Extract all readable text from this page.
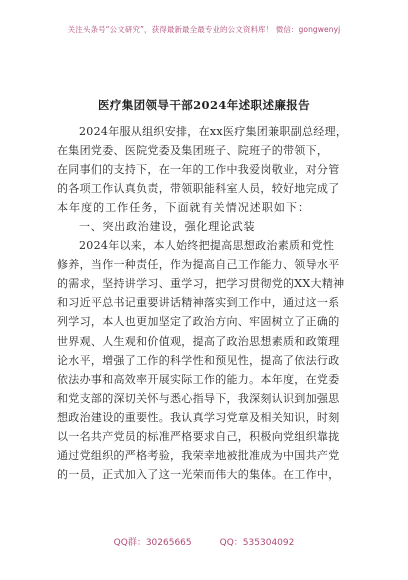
关注头条号“公文研究”，获得最新最全最专业的公文资料库！ 微信：gongwenyj
医疗集团领导干部2024年述职述廉报告
2024年服从组织安排，在xx医疗集团兼职副总经理，
在集团党委、医院党委及集团班子、院班子的带领下，
在同事们的支持下，在一年的工作中我爱岗敬业，对分管
的各项工作认真负责，带领职能科室人员，较好地完成了
本年度的工作任务，下面就有关情况述职如下：
一、突出政治建设，强化理论武装
2024年以来，本人始终把提高思想政治素质和党性
修养，当作一种责任，作为提高自己工作能力、领导水平
的需求，坚持讲学习、重学习，把学习贯彻党的XX大精神
和习近平总书记重要讲话精神落实到工作中，通过这一系
列学习，本人也更加坚定了政治方向、牢固树立了正确的
世界观、人生观和价值观，提高了政治思想素质和政策理
论水平，增强了工作的科学性和预见性，提高了依法行政
依法办事和高效率开展实际工作的能力。本年度，在党委
和党支部的深切关怀与悉心指导下，我深刻认识到加强思
想政治建设的重要性。我认真学习党章及相关知识，时刻
以一名共产党员的标准严格要求自己，积极向党组织靠拢
通过党组织的严格考验，我荣幸地被批准成为中国共产党
的一员，正式加入了这一光荣而伟大的集体。在工作中，
QQ群：30265665	QQ：535304092
